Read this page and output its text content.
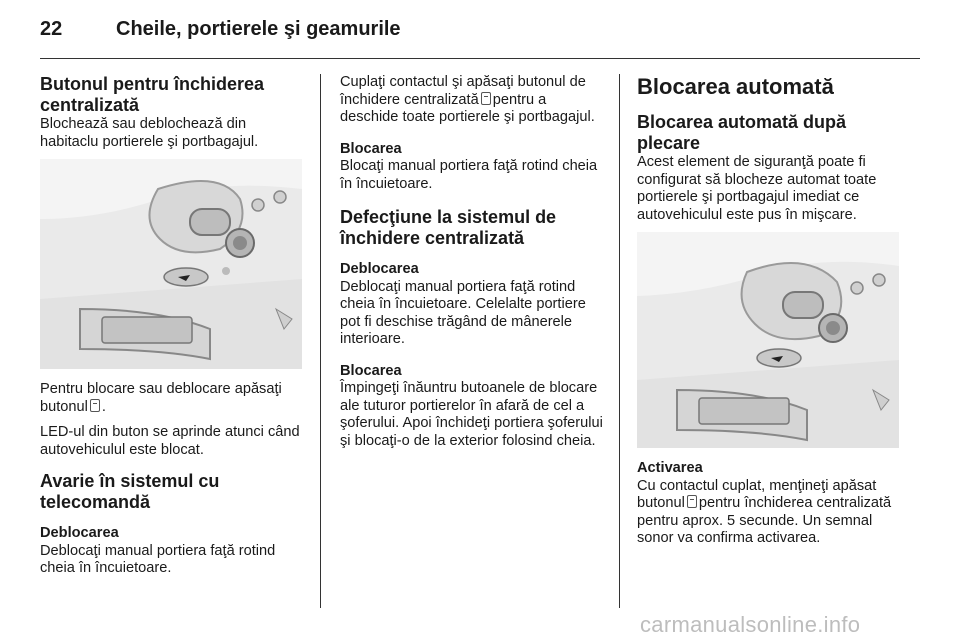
22	Cheile, portierele şi geamurile
Butonul pentru închiderea centralizată

Blochează sau deblochează din habitaclu portierele şi portbagajul.

Pentru blocare sau deblocare apăsaţi butonul .

LED-ul din buton se aprinde atunci când autovehiculul este blocat.

Avarie în sistemul cu telecomandă
Deblocarea

Deblocaţi manual portiera faţă rotind cheia în încuietoare.

Cuplaţi contactul şi apăsaţi butonul de închidere centralizată pentru a deschide toate portierele şi portbagajul.

Blocarea

Blocaţi manual portiera faţă rotind cheia în încuietoare.

Defecţiune la sistemul de închidere centralizată
Deblocarea

Deblocaţi manual portiera faţă rotind cheia în încuietoare. Celelalte portiere pot fi deschise trăgând de mânerele interioare.

Blocarea

Împingeţi înăuntru butoanele de blocare ale tuturor portierelor în afară de cel a şoferului. Apoi închideţi portiera şoferului şi blocaţi-o de la exterior folosind cheia.

Blocarea automată
Blocarea automată după plecare

Acest element de siguranţă poate fi configurat să blocheze automat toate portierele şi portbagajul imediat ce autovehiculul este pus în mişcare.

Activarea

Cu contactul cuplat, menţineţi apăsat butonul pentru închiderea centralizată pentru aprox. 5 secunde. Un semnal sonor va confirma activarea.

carmanualsonline.info
